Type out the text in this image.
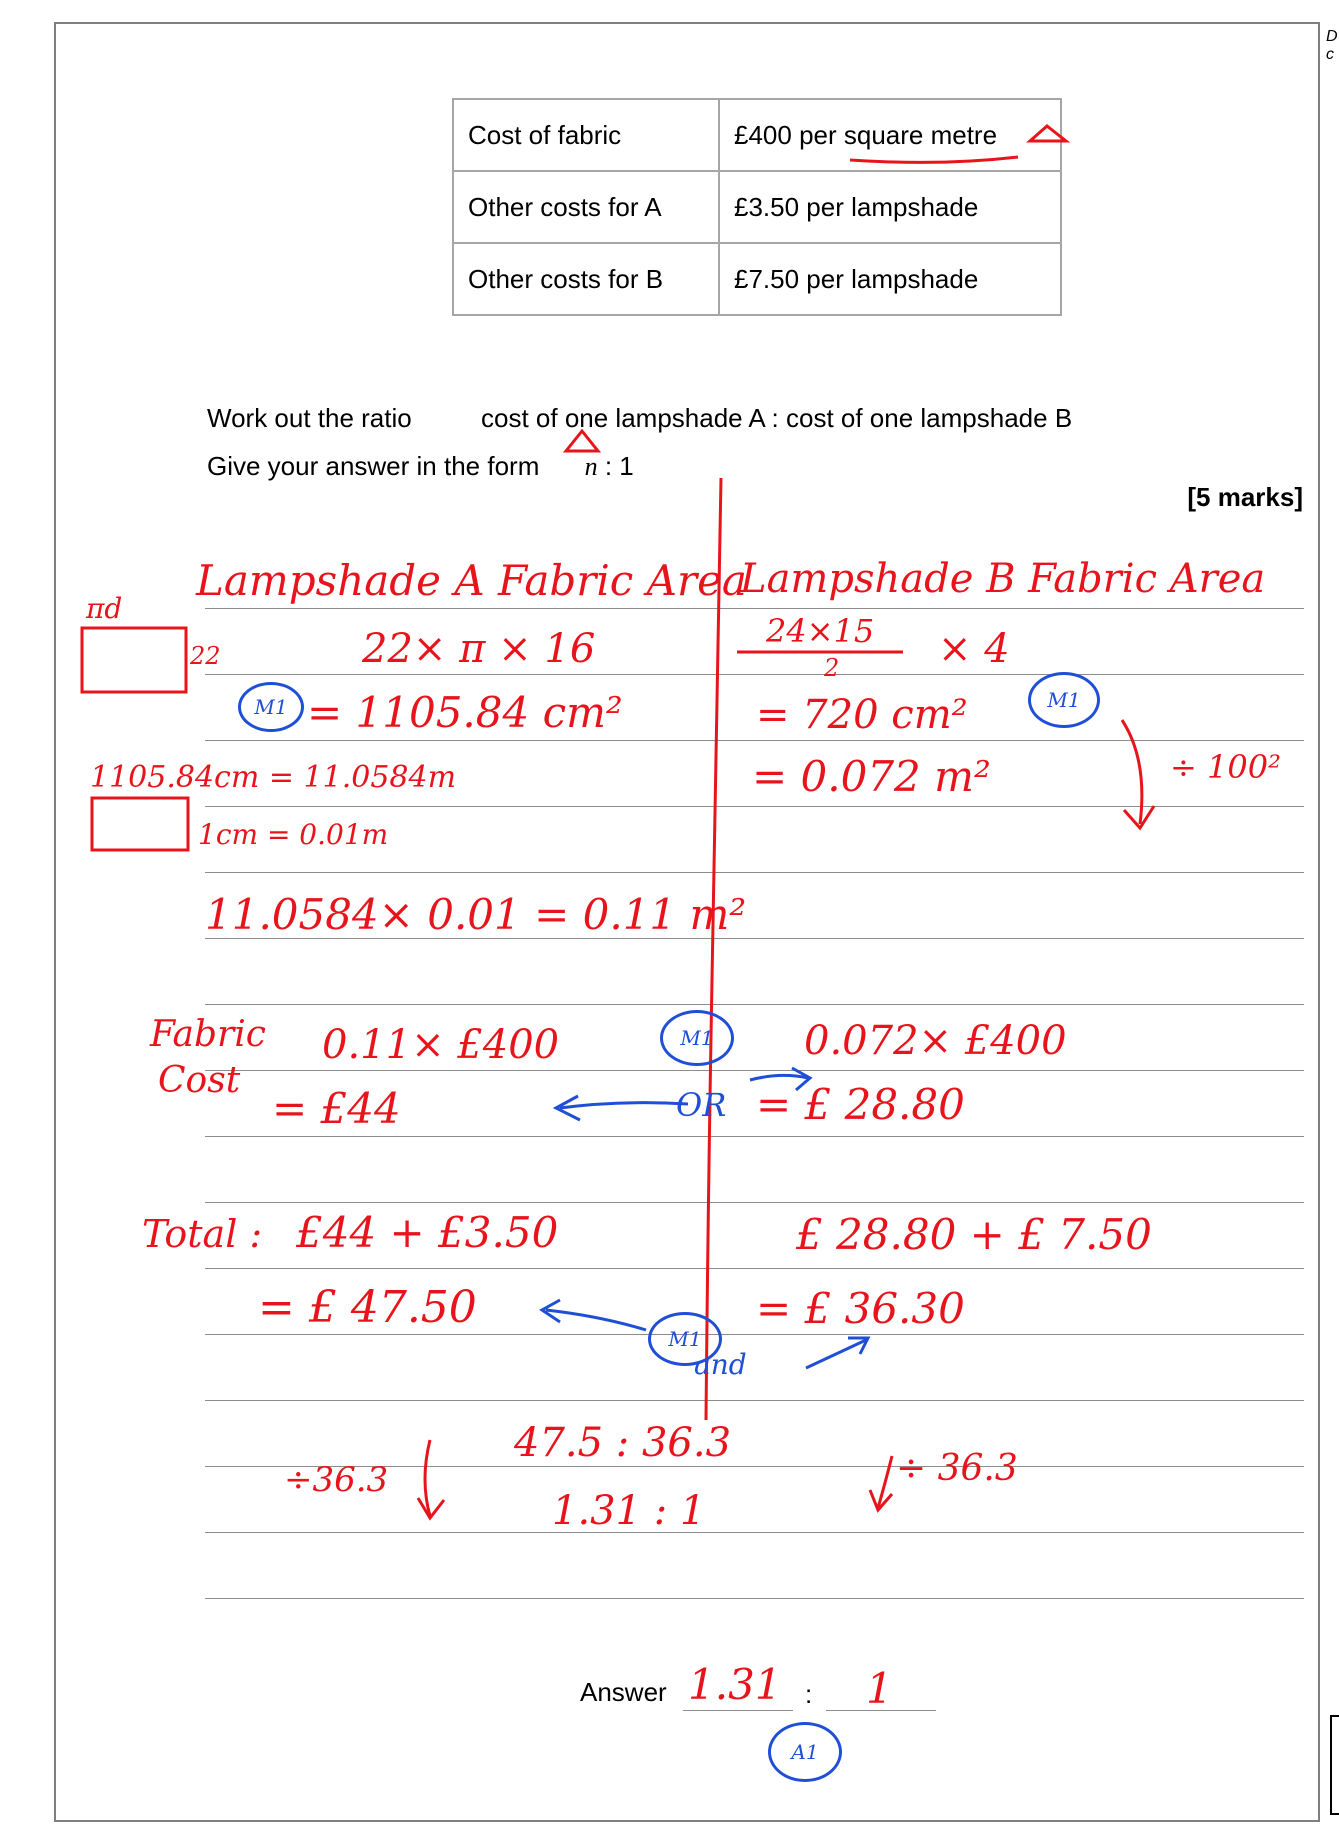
D c
Cost of fabric	£400 per square metre
Other costs for A	£3.50 per lampshade
Other costs for B	£7.50 per lampshade
Work out the ratio	cost of one lampshade A : cost of one lampshade B
Give your answer in the form n : 1
[5 marks]
Lampshade A Fabric Area
Lampshade B Fabric Area
πd
22	22× π × 16
= 1105.84 cm²
1105.84cm = 11.0584m
1cm = 0.01m
11.0584× 0.01 = 0.11 m²
24×15
2 × 4
= 720 cm²
= 0.072 m²	÷ 100²
Fabric
Cost
0.11× £400
= £44
0.072× £400
= £ 28.80
Total : £44 + £3.50
= £ 47.50
£ 28.80 + £ 7.50
= £ 36.30
47.5 : 36.3
1.31 : 1
÷36.3	÷ 36.3
OR
and
M1	M1
M1
M1
A1
Answer	:
1.31 1
